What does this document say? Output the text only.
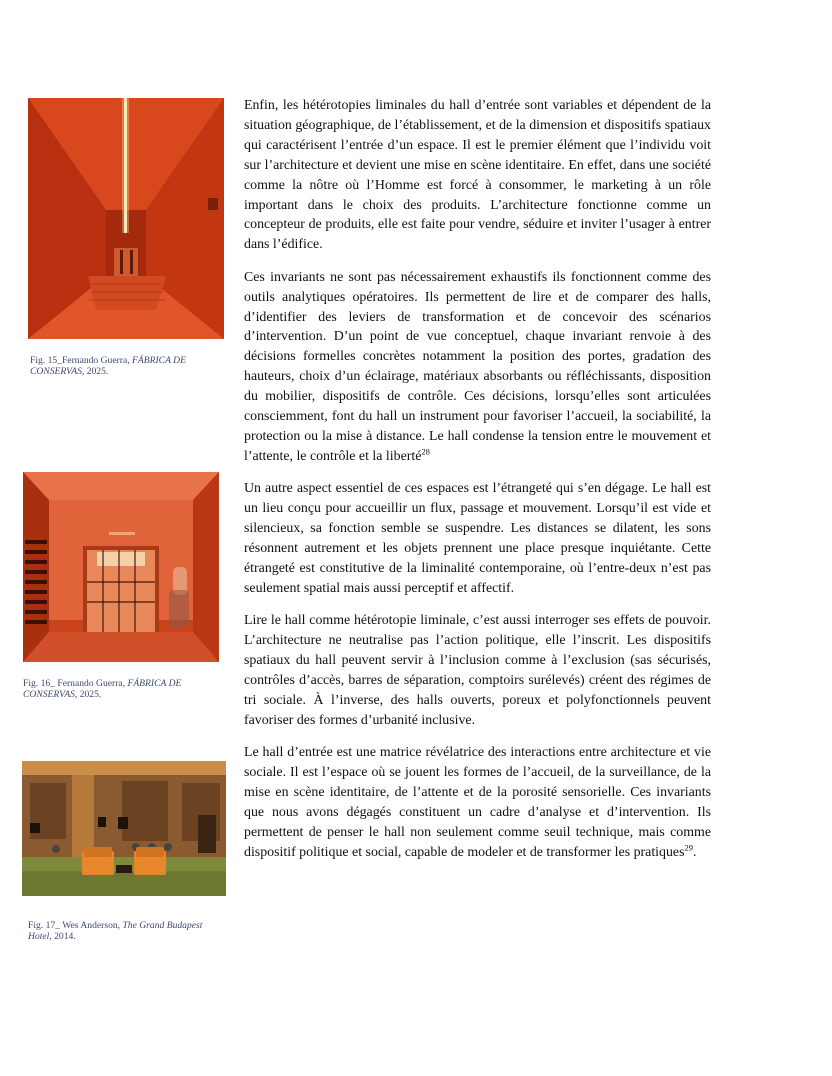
Fig. 15_Fernando Guerra, FÁBRICA DE CONSERVAS, 2025.
Fig. 16_ Fernando Guerra, FÁBRICA DE CONSERVAS, 2025.
Fig. 17_ Wes Anderson, The Grand Budapest Hotel, 2014.

Enfin, les hétérotopies liminales du hall d’entrée sont variables et dépendent de la situation géographique, de l’établissement, et de la dimension et dispositifs spatiaux qui caractérisent l’entrée d’un espace. Il est le premier élément que l’individu voit sur l’architecture et devient une mise en scène identitaire. En effet, dans une société comme la nôtre où l’Homme est forcé à consommer, le marketing à un rôle important dans le choix des produits. L’architecture fonctionne comme un concepteur de produits, elle est faite pour vendre, séduire et inviter l’usager à entrer dans l’édifice.

Ces invariants ne sont pas nécessairement exhaustifs ils fonctionnent comme des outils analytiques opératoires. Ils permettent de lire et de comparer des halls, d’identifier des leviers de transformation et de concevoir des scénarios d’intervention. D’un point de vue conceptuel, chaque invariant renvoie à des décisions formelles concrètes notamment la position des portes, gradation des hauteurs, choix d’un éclairage, matériaux absorbants ou réfléchissants, disposition du mobilier, dispositifs de contrôle. Ces décisions, lorsqu’elles sont articulées consciemment, font du hall un instrument pour favoriser l’accueil, la sociabilité, la protection ou la mise à distance. Le hall condense la tension entre le mouvement et l’attente, le contrôle et la liberté$^{28}$

Un autre aspect essentiel de ces espaces est l’étrangeté qui s’en dégage. Le hall est un lieu conçu pour accueillir un flux, passage et mouvement. Lorsqu’il est vide et silencieux, sa fonction semble se suspendre. Les distances se dilatent, les sons résonnent autrement et les objets prennent une place presque inquiétante. Cette étrangeté est constitutive de la liminalité contemporaine, où l’entre-deux n’est pas seulement spatial mais aussi perceptif et affectif.

Lire le hall comme hétérotopie liminale, c’est aussi interroger ses effets de pouvoir. L’architecture ne neutralise pas l’action politique, elle l’inscrit. Les dispositifs spatiaux du hall peuvent servir à l’inclusion comme à l’exclusion (sas sécurisés, contrôles d’accès, barres de séparation, comptoirs surélevés) créent des régimes de tri sociale. À l’inverse, des halls ouverts, poreux et polyfonctionnels peuvent favoriser des formes d’urbanité inclusive.

Le hall d’entrée est une matrice révélatrice des interactions entre architecture et vie sociale. Il est l’espace où se jouent les formes de l’accueil, de la surveillance, de la mise en scène identitaire, de l’attente et de la porosité sensorielle. Ces invariants que nous avons dégagés constituent un cadre d’analyse et d’intervention. Ils permettent de penser le hall non seulement comme seuil technique, mais comme dispositif politique et social, capable de modeler et de transformer les pratiques$^{29}$.
